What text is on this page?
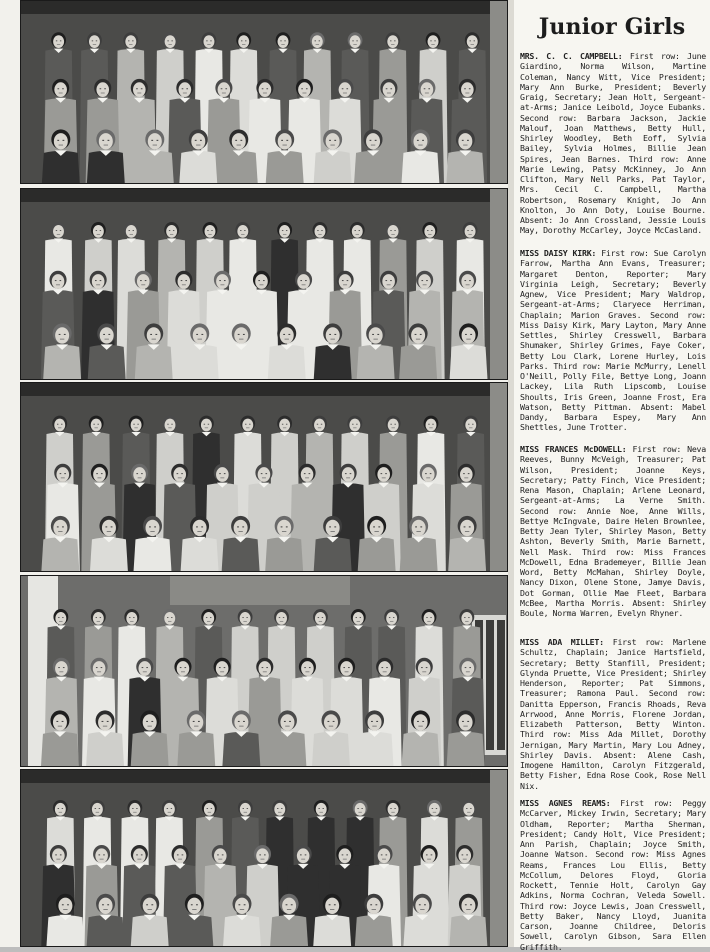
Junior Girls
MRS. C. C. CAMPBELL: First row: June Giardino, Norma Wilson, Martine Coleman, Nancy Witt, Vice President; Mary Ann Burke, President; Beverly Graig, Secretary; Jean Holt, Sergeant-at-Arms; Janice Leibold, Joyce Eubanks. Second row: Barbara Jackson, Jackie Malouf, Joan Matthews, Betty Hull, Shirley Woodley, Beth Eoff, Sylvia Bailey, Sylvia Holmes, Billie Jean Spires, Jean Barnes. Third row: Anne Marie Lewing, Patsy McKinney, Jo Ann Clifton, Mary Nell Parks, Pat Taylor, Mrs. Cecil C. Campbell, Martha Robertson, Rosemary Knight, Jo Ann Knolton, Jo Ann Doty, Louise Bourne. Absent: Jo Ann Crossland, Jessie Louis May, Dorothy McCarley, Joyce McCasland.
MISS DAISY KIRK: First row: Sue Carolyn Farrow, Martha Ann Evans, Treasurer; Margaret Denton, Reporter; Mary Virginia Leigh, Secretary; Beverly Agnew, Vice President; Mary Waldrop, Sergeant-at-Arms; Claryece Herriman, Chaplain; Marion Graves. Second row: Miss Daisy Kirk, Mary Layton, Mary Anne Settles, Shirley Cresswell, Barbara Shumaker, Shirley Grimes, Faye Coker, Betty Lou Clark, Lorene Hurley, Lois Parks. Third row: Marie McMurry, Lenell O'Neill, Polly File, Bettye Long, Joann Lackey, Lila Ruth Lipscomb, Louise Shoults, Iris Green, Joanne Frost, Era Watson, Betty Pittman. Absent: Mabel Dandy, Barbara Espey, Mary Ann Shettles, June Trotter.
MISS FRANCES McDOWELL: First row: Neva Reeves, Bunny McVeigh, Treasurer; Pat Wilson, President; Joanne Keys, Secretary; Patty Finch, Vice President; Rena Mason, Chaplain; Arlene Leonard, Sergeant-at-Arms; La Verne Smith. Second row: Annie Noe, Anne Wills, Bettye McIngvale, Daire Helen Brownlee, Betty Jean Tyler, Shirley Mason, Betty Ashton, Beverly Smith, Marie Barnett, Nell Mask. Third row: Miss Frances McDowell, Edna Brademeyer, Billie Jean Word, Betty McMahan, Shirley Doyle, Nancy Dixon, Olene Stone, Jamye Davis, Dot Gorman, Ollie Mae Fleet, Barbara McBee, Martha Morris. Absent: Shirley Boule, Norma Warren, Evelyn Rhyner.
MISS ADA MILLET: First row: Marlene Schultz, Chaplain; Janice Hartsfield, Secretary; Betty Stanfill, President; Glynda Pruette, Vice President; Shirley Henderson, Reporter; Pat Simmons, Treasurer; Ramona Paul. Second row: Danitta Epperson, Francis Rhoads, Reva Arrwood, Anne Morris, Florene Jordan, Elizabeth Patterson, Betty Winton. Third row: Miss Ada Millet, Dorothy Jernigan, Mary Martin, Mary Lou Adney, Shirley Davis. Absent: Alene Cash, Imogene Hamilton, Carolyn Fitzgerald, Betty Fisher, Edna Rose Cook, Rose Nell Nix.
MISS AGNES REAMS: First row: Peggy McCarver, Mickey Irwin, Secretary; Mary Oldham, Reporter; Martha Sherman, President; Candy Holt, Vice President; Ann Parish, Chaplain; Joyce Smith, Joanne Watson. Second row: Miss Agnes Reams, Frances Lou Ellis, Betty McCollum, Delores Floyd, Gloria Rockett, Tennie Holt, Carolyn Gay Adkins, Norma Cochran, Veleda Sowell. Third row: Joyce Lewis, Joan Cresswell, Betty Baker, Nancy Lloyd, Juanita Carson, Joanne Childree, Deloris Sowell, Carolyn Gibson, Sara Ellen Griffith.
